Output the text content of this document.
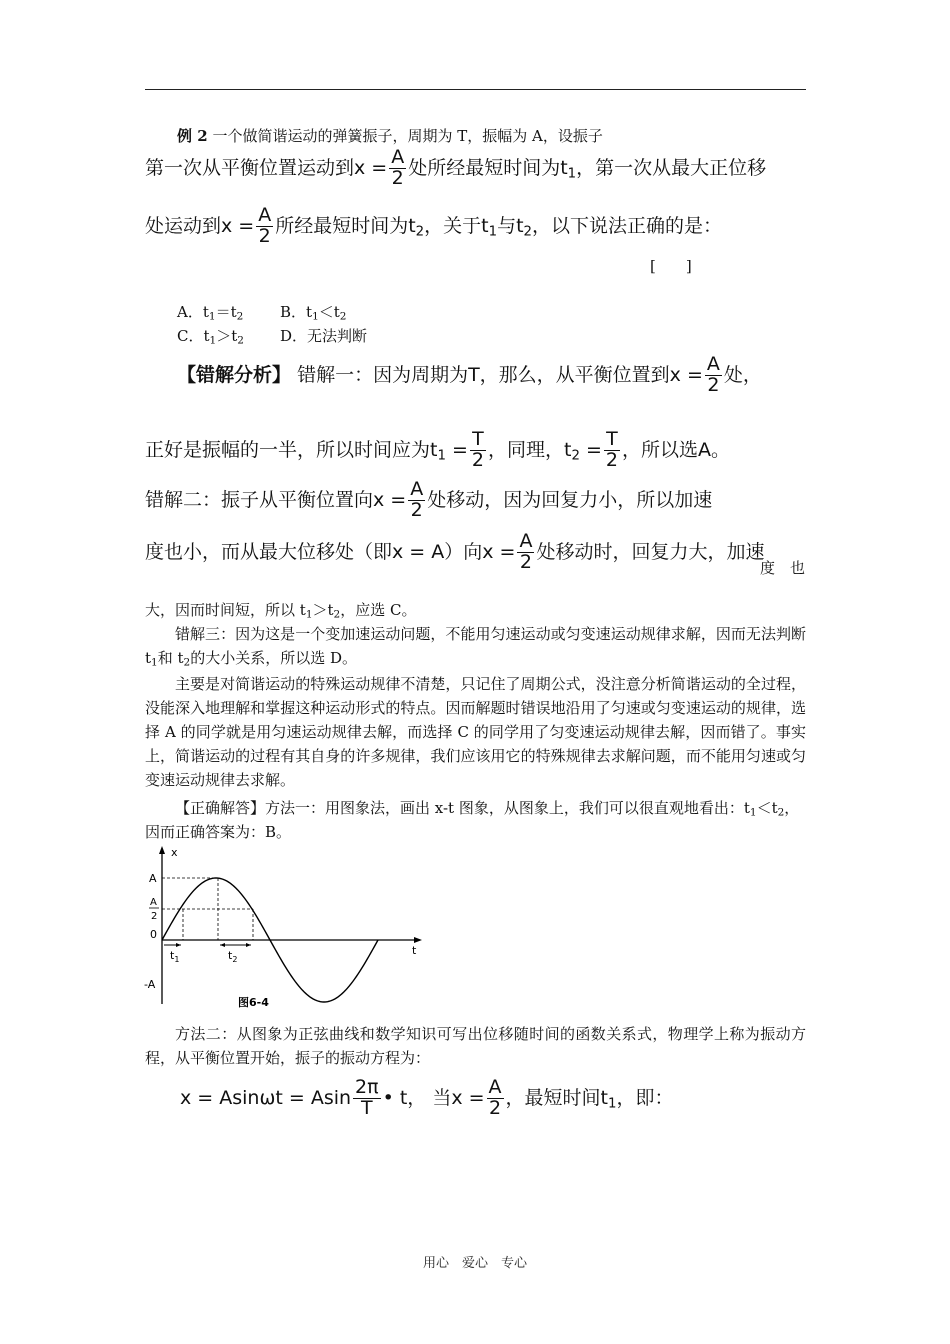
例 2 一个做简谐运动的弹簧振子，周期为 T，振幅为 A，设振子
第一次从平衡位置运动到$x = \frac{A}{2}$ 处所经最短时间为$t_1$，第一次从最大正位移
处运动到$x = \frac{A}{2}$ 所经最短时间为$t_2$，关于$t_1$与$t_2$，以下说法正确的是：
[　　]
A．$t_1=t_2$ B．$t_1<t_2$
C．$t_1>t_2$ D．无法判断
【错解分析】 错解一：因为周期为T，那么，从平衡位置到$x = \frac{A}{2}$ 处，
正好是振幅的一半，所以时间应为$t_1 = \frac{T}{2}$ ，同理，$t_2 = \frac{T}{2}$ ，所以选A。
错解二：振子从平衡位置向$x = \frac{A}{2}$ 处移动，因为回复力小，所以加速
度也小，而从最大位移处（即x = A）向$x = \frac{A}{2}$ 处移动时，回复力大，加速
度　也
大，因而时间短，所以 $t_1>t_2$，应选 C。
错解三：因为这是一个变加速运动问题，不能用匀速运动或匀变速运动规律求解，因而无法判断 $t_1$和 $t_2$的大小关系，所以选 D。
主要是对简谐运动的特殊运动规律不清楚，只记住了周期公式，没注意分析简谐运动的全过程，没能深入地理解和掌握这种运动形式的特点。因而解题时错误地沿用了匀速或匀变速运动的规律，选择 A 的同学就是用匀速运动规律去解，而选择 C 的同学用了匀变速运动规律去解，因而错了。事实上，简谐运动的过程有其自身的许多规律，我们应该用它的特殊规律去求解问题，而不能用匀速或匀变速运动规律去求解。
【正确解答】方法一：用图象法，画出 x-t 图象，从图象上，我们可以很直观地看出：$t_1<t_2$，
因而正确答案为：B。
x
t
A
A
2
0
-A
$t_1$	$t_2$
图6-4
方法二：从图象为正弦曲线和数学知识可写出位移随时间的函数关系式，物理学上称为振动方程，从平衡位置开始，振子的振动方程为：
x = Asinωt = Asin $\frac{2\pi}{T}$ • t， 当$x = \frac{A}{2}$ ，最短时间$t_1$，即：
用心　爱心　专心
